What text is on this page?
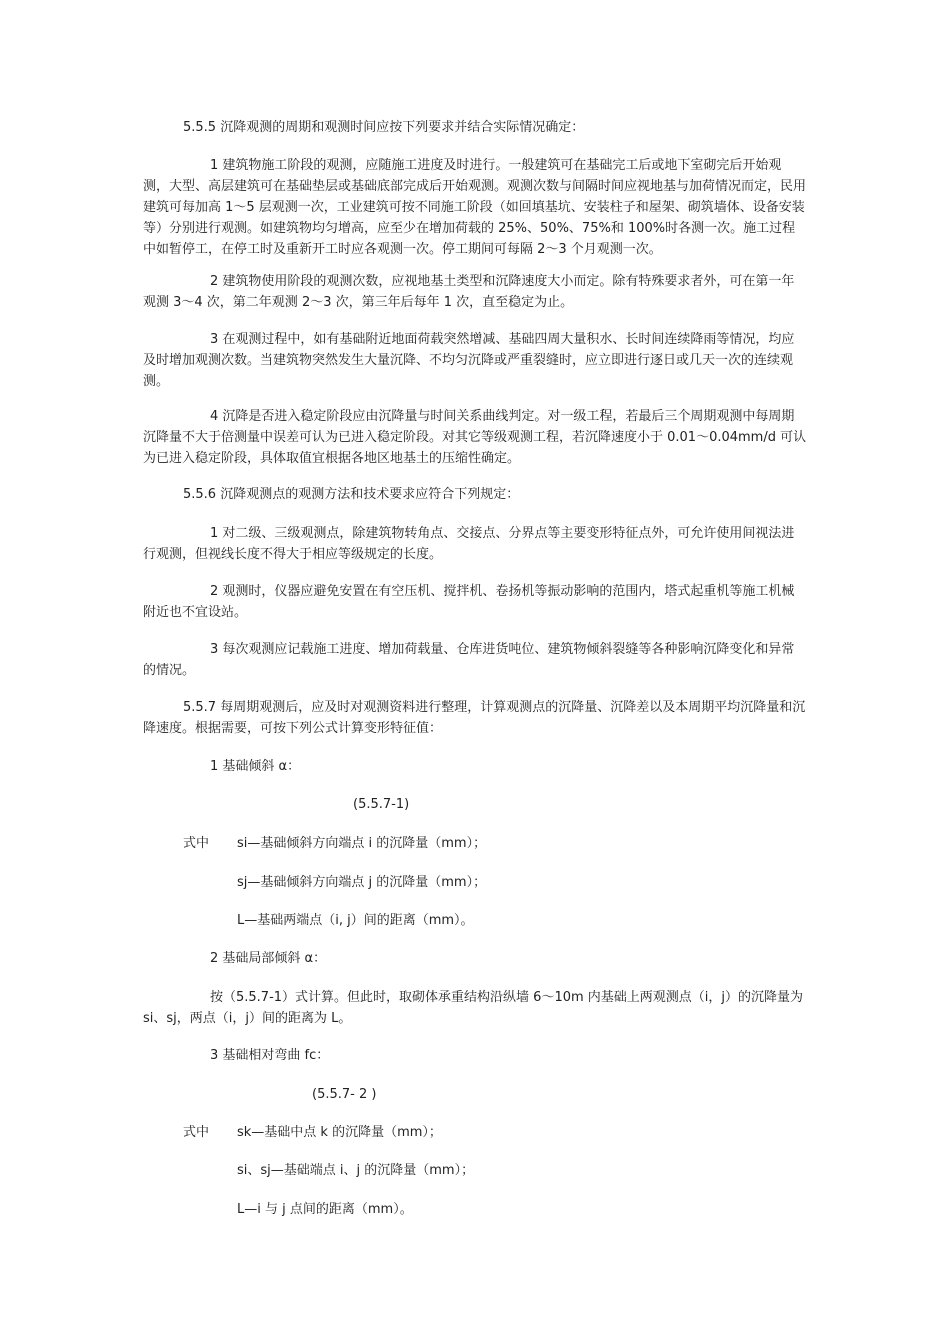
5.5.5 沉降观测的周期和观测时间应按下列要求并结合实际情况确定：

1 建筑物施工阶段的观测，应随施工进度及时进行。一般建筑可在基础完工后或地下室砌完后开始观测，大型、高层建筑可在基础垫层或基础底部完成后开始观测。观测次数与间隔时间应视地基与加荷情况而定，民用建筑可每加高 1～5 层观测一次，工业建筑可按不同施工阶段（如回填基坑、安装柱子和屋架、砌筑墙体、设备安装等）分别进行观测。如建筑物均匀增高，应至少在增加荷载的 25%、50%、75%和 100%时各测一次。施工过程中如暂停工，在停工时及重新开工时应各观测一次。停工期间可每隔 2～3 个月观测一次。

2 建筑物使用阶段的观测次数，应视地基土类型和沉降速度大小而定。除有特殊要求者外，可在第一年观测 3～4 次，第二年观测 2～3 次，第三年后每年 1 次，直至稳定为止。

3 在观测过程中，如有基础附近地面荷载突然增减、基础四周大量积水、长时间连续降雨等情况，均应及时增加观测次数。当建筑物突然发生大量沉降、不均匀沉降或严重裂缝时，应立即进行逐日或几天一次的连续观测。

4 沉降是否进入稳定阶段应由沉降量与时间关系曲线判定。对一级工程，若最后三个周期观测中每周期沉降量不大于倍测量中误差可认为已进入稳定阶段。对其它等级观测工程，若沉降速度小于 0.01～0.04mm/d 可认为已进入稳定阶段，具体取值宜根据各地区地基土的压缩性确定。

5.5.6 沉降观测点的观测方法和技术要求应符合下列规定：

1 对二级、三级观测点，除建筑物转角点、交接点、分界点等主要变形特征点外，可允许使用间视法进行观测，但视线长度不得大于相应等级规定的长度。

2 观测时，仪器应避免安置在有空压机、搅拌机、卷扬机等振动影响的范围内，塔式起重机等施工机械附近也不宜设站。

3 每次观测应记载施工进度、增加荷载量、仓库进货吨位、建筑物倾斜裂缝等各种影响沉降变化和异常的情况。

5.5.7 每周期观测后，应及时对观测资料进行整理，计算观测点的沉降量、沉降差以及本周期平均沉降量和沉降速度。根据需要，可按下列公式计算变形特征值：

1 基础倾斜 α：

(5.5.7-1)
式中 si—基础倾斜方向端点 i 的沉降量（mm）；
sj—基础倾斜方向端点 j 的沉降量（mm）；
L—基础两端点（i, j）间的距离（mm）。

2 基础局部倾斜 α：

按（5.5.7-1）式计算。但此时，取砌体承重结构沿纵墙 6～10m 内基础上两观测点（i，j）的沉降量为 si、sj，两点（i，j）间的距离为 L。

3 基础相对弯曲 fc：

(5.5.7- 2 )
式中 sk—基础中点 k 的沉降量（mm）；
si、sj—基础端点 i、j 的沉降量（mm）；
L—i 与 j 点间的距离（mm）。
